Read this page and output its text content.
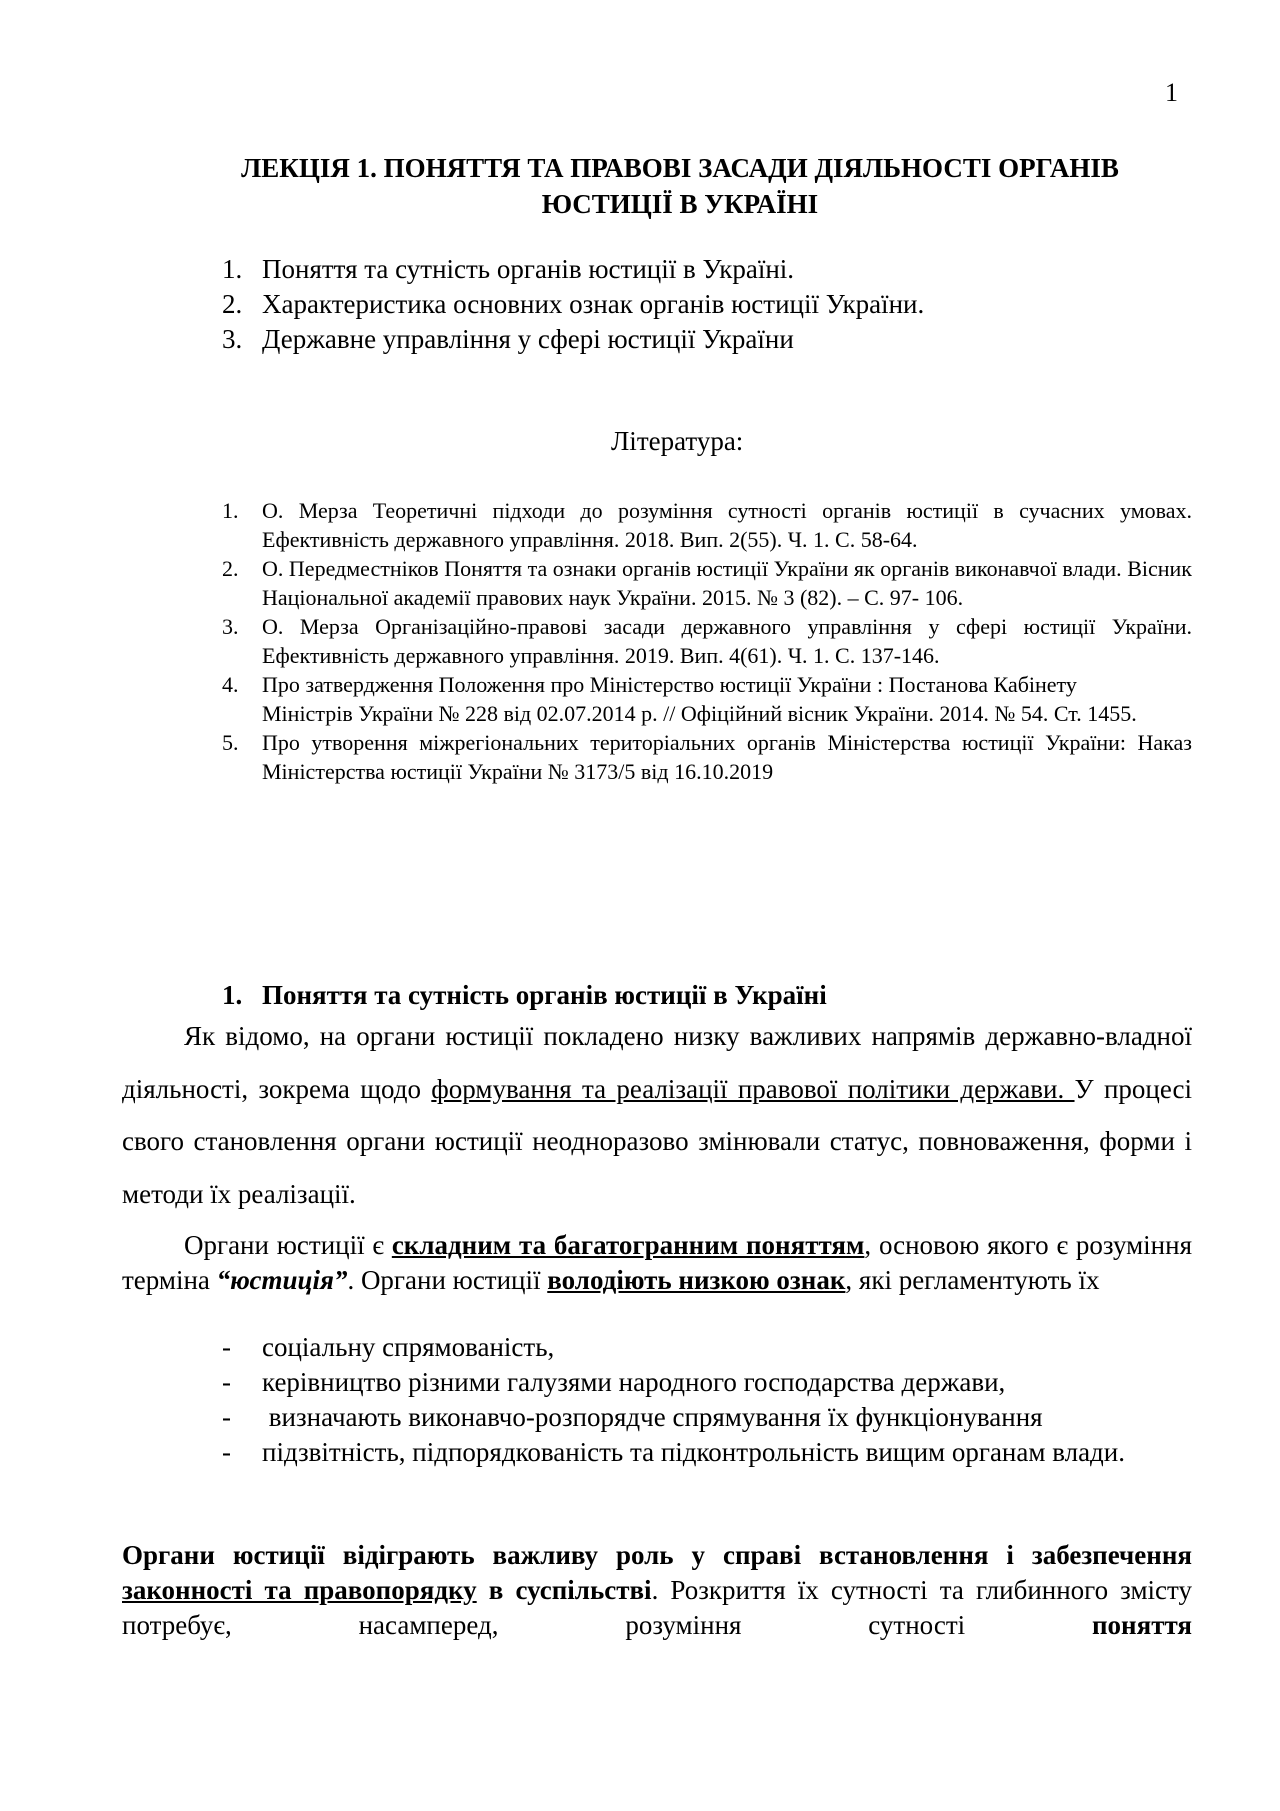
1
ЛЕКЦІЯ 1. ПОНЯТТЯ ТА ПРАВОВІ ЗАСАДИ ДІЯЛЬНОСТІ ОРГАНІВ
ЮСТИЦІЇ В УКРАЇНІ
1. Поняття та сутність органів юстиції в Україні.
2. Характеристика основних ознак органів юстиції України.
3. Державне управління у сфері юстиції України
Література:
1.	О. Мерза Теоретичні підходи до розуміння сутності органів юстиції в сучасних умовах. Ефективність державного управління. 2018. Вип. 2(55). Ч. 1. С. 58-64.
2.	О. Передместніков Поняття та ознаки органів юстиції України як органів виконавчої влади. Вісник Національної академії правових наук України. 2015. № 3 (82). – С. 97- 106.
3.	О. Мерза Організаційно-правові засади державного управління у сфері юстиції України. Ефективність державного управління. 2019. Вип. 4(61). Ч. 1. С. 137-146.
4.	Про затвердження Положення про Міністерство юстиції України : Постанова Кабінету
Міністрів України № 228 від 02.07.2014 р. // Офіційний вісник України. 2014. № 54. Ст. 1455.
5.	Про утворення міжрегіональних територіальних органів Міністерства юстиції України: Наказ Міністерства юстиції України № 3173/5 від 16.10.2019
1. Поняття та сутність органів юстиції в Україні
Як відомо, на органи юстиції покладено низку важливих напрямів державно-владної діяльності, зокрема щодо формування та реалізації правової політики держави. У процесі свого становлення органи юстиції неодноразово змінювали статус, повноваження, форми і методи їх реалізації.
Органи юстиції є складним та багатогранним поняттям, основою якого є розуміння терміна “юстиція”. Органи юстиції володіють низкою ознак, які регламентують їх
-	соціальну спрямованість,
-	керівництво різними галузями народного господарства держави,
-	визначають виконавчо-розпорядче спрямування їх функціонування
-	підзвітність, підпорядкованість та підконтрольність вищим органам влади.
Органи юстиції відіграють важливу роль у справі встановлення і забезпечення законності та правопорядку в суспільстві. Розкриття їх сутності та глибинного змісту потребує, насамперед, розуміння сутності поняття
